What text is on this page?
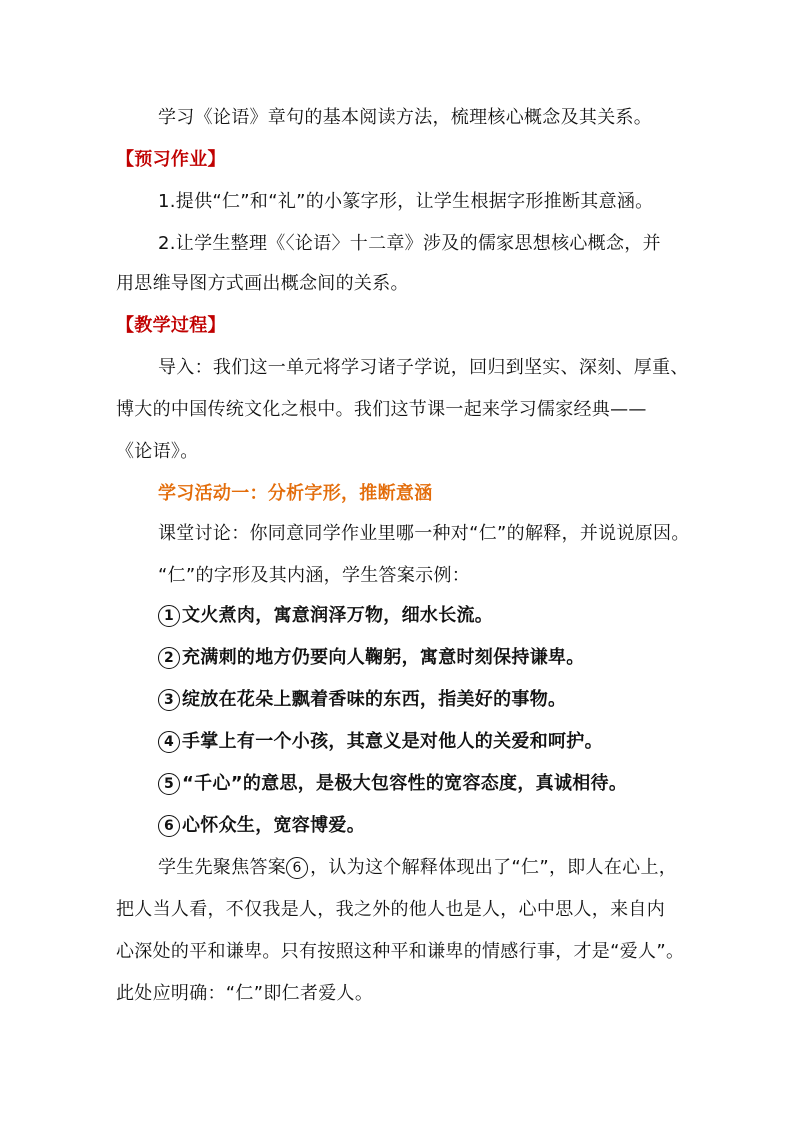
学习《论语》章句的基本阅读方法，梳理核心概念及其关系。
【预习作业】
1.提供“仁”和“礼”的小篆字形，让学生根据字形推断其意涵。
2.让学生整理《〈论语〉十二章》涉及的儒家思想核心概念，并
用思维导图方式画出概念间的关系。
【教学过程】
导入：我们这一单元将学习诸子学说，回归到坚实、深刻、厚重、
博大的中国传统文化之根中。我们这节课一起来学习儒家经典——
《论语》。
学习活动一：分析字形，推断意涵
课堂讨论：你同意同学作业里哪一种对“仁”的解释，并说说原因。
“仁”的字形及其内涵，学生答案示例：
1 文火煮肉，寓意润泽万物，细水长流。
2 充满刺的地方仍要向人鞠躬，寓意时刻保持谦卑。
3 绽放在花朵上飘着香味的东西，指美好的事物。
4 手掌上有一个小孩，其意义是对他人的关爱和呵护。
5 “千心”的意思，是极大包容性的宽容态度，真诚相待。
6 心怀众生，宽容博爱。
学生先聚焦答案 6 ，认为这个解释体现出了“仁”，即人在心上，
把人当人看，不仅我是人，我之外的他人也是人，心中思人，来自内
心深处的平和谦卑。只有按照这种平和谦卑的情感行事，才是“爱人”。
此处应明确：“仁”即仁者爱人。
